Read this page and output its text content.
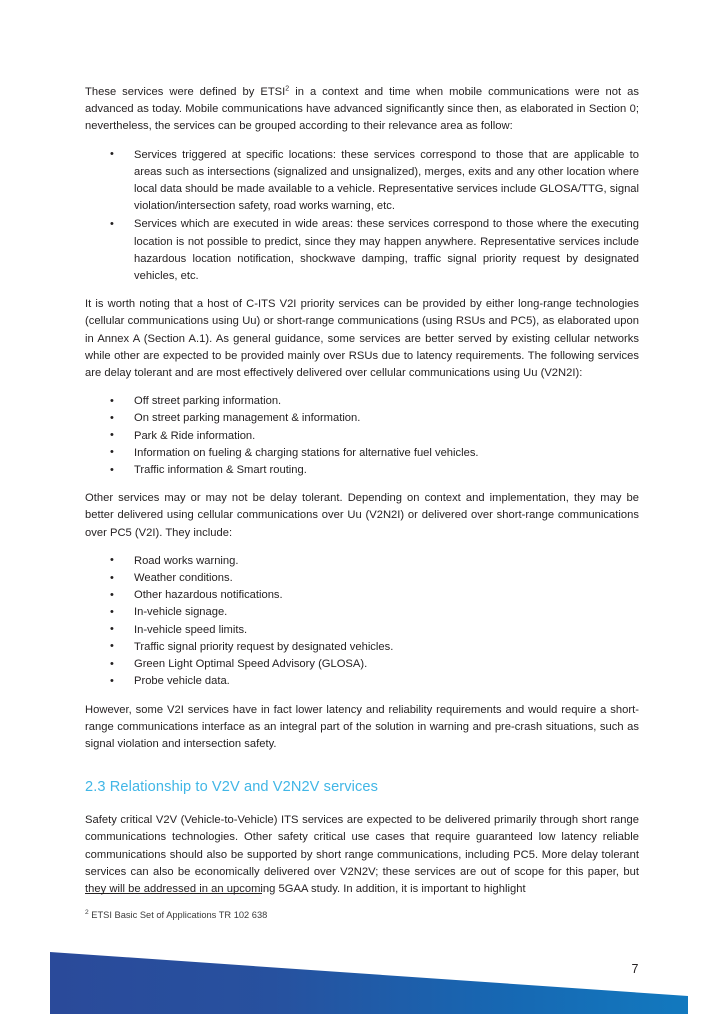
These services were defined by ETSI$^2$ in a context and time when mobile communications were not as advanced as today. Mobile communications have advanced significantly since then, as elaborated in Section 0; nevertheless, the services can be grouped according to their relevance area as follow:

• Services triggered at specific locations: these services correspond to those that are applicable to areas such as intersections (signalized and unsignalized), merges, exits and any other location where local data should be made available to a vehicle. Representative services include GLOSA/TTG, signal violation/intersection safety, road works warning, etc.
• Services which are executed in wide areas: these services correspond to those where the executing location is not possible to predict, since they may happen anywhere. Representative services include hazardous location notification, shockwave damping, traffic signal priority request by designated vehicles, etc.

It is worth noting that a host of C-ITS V2I priority services can be provided by either long-range technologies (cellular communications using Uu) or short-range communications (using RSUs and PC5), as elaborated upon in Annex A (Section A.1). As general guidance, some services are better served by existing cellular networks while other are expected to be provided mainly over RSUs due to latency requirements. The following services are delay tolerant and are most effectively delivered over cellular communications using Uu (V2N2I):

• Off street parking information.
• On street parking management & information.
• Park & Ride information.
• Information on fueling & charging stations for alternative fuel vehicles.
• Traffic information & Smart routing.

Other services may or may not be delay tolerant. Depending on context and implementation, they may be better delivered using cellular communications over Uu (V2N2I) or delivered over short-range communications over PC5 (V2I). They include:

• Road works warning.
• Weather conditions.
• Other hazardous notifications.
• In-vehicle signage.
• In-vehicle speed limits.
• Traffic signal priority request by designated vehicles.
• Green Light Optimal Speed Advisory (GLOSA).
• Probe vehicle data.

However, some V2I services have in fact lower latency and reliability requirements and would require a short-range communications interface as an integral part of the solution in warning and pre-crash situations, such as signal violation and intersection safety.

2.3 Relationship to V2V and V2N2V services

Safety critical V2V (Vehicle-to-Vehicle) ITS services are expected to be delivered primarily through short range communications technologies. Other safety critical use cases that require guaranteed low latency reliable communications should also be supported by short range communications, including PC5. More delay tolerant services can also be economically delivered over V2N2V; these services are out of scope for this paper, but they will be addressed in an upcoming 5GAA study. In addition, it is important to highlight

$^2$ ETSI Basic Set of Applications TR 102 638
7
